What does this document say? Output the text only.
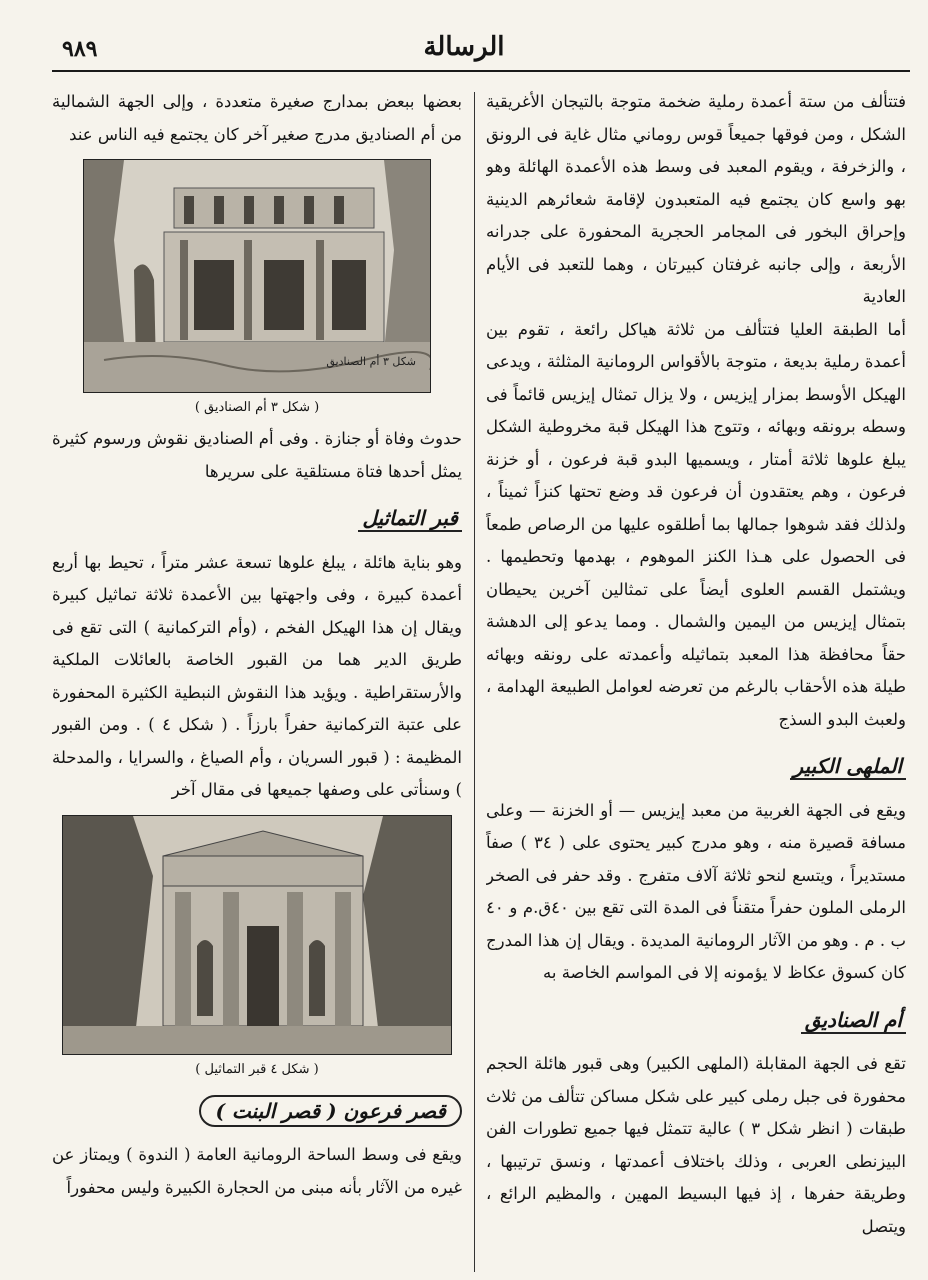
٩٨٩	الرسالة

فتتألف من ستة أعمدة رملية ضخمة متوجة بالتيجان الأغريقية الشكل ، ومن فوقها جميعاً قوس روماني مثال غاية فى الرونق ، والزخرفة ، ويقوم المعبد فى وسط هذه الأعمدة الهائلة وهو بهو واسع كان يجتمع فيه المتعبدون لإقامة شعائرهم الدينية وإحراق البخور فى المجامر الحجرية المحفورة على جدرانه الأربعة ، وإلى جانبه غرفتان كبيرتان ، وهما للتعبد فى الأيام العادية

أما الطبقة العليا فتتألف من ثلاثة هياكل رائعة ، تقوم بين أعمدة رملية بديعة ، متوجة بالأقواس الرومانية المثلثة ، ويدعى الهيكل الأوسط بمزار إيزيس ، ولا يزال تمثال إيزيس قائماً فى وسطه برونقه وبهائه ، وتتوج هذا الهيكل قبة مخروطية الشكل يبلغ علوها ثلاثة أمتار ، ويسميها البدو قبة فرعون ، أو خزنة فرعون ، وهم يعتقدون أن فرعون قد وضع تحتها كنزاً ثميناً ، ولذلك فقد شوهوا جمالها بما أطلقوه عليها من الرصاص طمعاً فى الحصول على هـذا الكنز الموهوم ، بهدمها وتحطيمها . ويشتمل القسم العلوى أيضاً على تمثالين آخرين يحيطان بتمثال إيزيس من اليمين والشمال . ومما يدعو إلى الدهشة حقاً محافظة هذا المعبد بتماثيله وأعمدته على رونقه وبهائه طيلة هذه الأحقاب بالرغم من تعرضه لعوامل الطبيعة الهدامة ، ولعبث البدو السذج

الملهى الكبير

ويقع فى الجهة الغربية من معبد إيزيس — أو الخزنة — وعلى مسافة قصيرة منه ، وهو مدرج كبير يحتوى على ( ٣٤ ) صفاً مستديراً ، ويتسع لنحو ثلاثة آلاف متفرج . وقد حفر فى الصخر الرملى الملون حفراً متقناً فى المدة التى تقع بين ٤٠ق.م و ٤٠ ب . م . وهو من الآثار الرومانية المديدة . ويقال إن هذا المدرج كان كسوق عكاظ لا يؤمونه إلا فى المواسم الخاصة به

أم الصناديق

تقع فى الجهة المقابلة (الملهى الكبير) وهى قبور هائلة الحجم محفورة فى جبل رملى كبير على شكل مساكن تتألف من ثلاث طبقات ( انظر شكل ٣ ) عالية تتمثل فيها جميع تطورات الفن البيزنطى العربى ، وذلك باختلاف أعمدتها ، ونسق ترتيبها ، وطريقة حفرها ، إذ فيها البسيط المهين ، والمظيم الرائع ، ويتصل

بعضها ببعض بمدارج صغيرة متعددة ، وإلى الجهة الشمالية من أم الصناديق مدرج صغير آخر كان يجتمع فيه الناس عند

شكل ٣ أم الصناديق
( شكل ٣ أم الصناديق )

حدوث وفاة أو جنازة . وفى أم الصناديق نقوش ورسوم كثيرة يمثل أحدها فتاة مستلقية على سريرها

قبر التماثيل

وهو بناية هائلة ، يبلغ علوها تسعة عشر متراً ، تحيط بها أربع أعمدة كبيرة ، وفى واجهتها بين الأعمدة ثلاثة تماثيل كبيرة ويقال إن هذا الهيكل الفخم ، (وأم التركمانية ) التى تقع فى طريق الدير هما من القبور الخاصة بالعائلات الملكية والأرستقراطية . ويؤيد هذا النقوش النبطية الكثيرة المحفورة على عتبة التركمانية حفراً بارزاً . ( شكل ٤ ) . ومن القبور المظيمة : ( قبور السريان ، وأم الصياغ ، والسرايا ، والمدحلة ) وسنأتى على وصفها جميعها فى مقال آخر

( شكل ٤ قبر التماثيل )
قصر فرعون ( قصر البنت )

ويقع فى وسط الساحة الرومانية العامة ( الندوة ) ويمتاز عن غيره من الآثار بأنه مبنى من الحجارة الكبيرة وليس محفوراً
